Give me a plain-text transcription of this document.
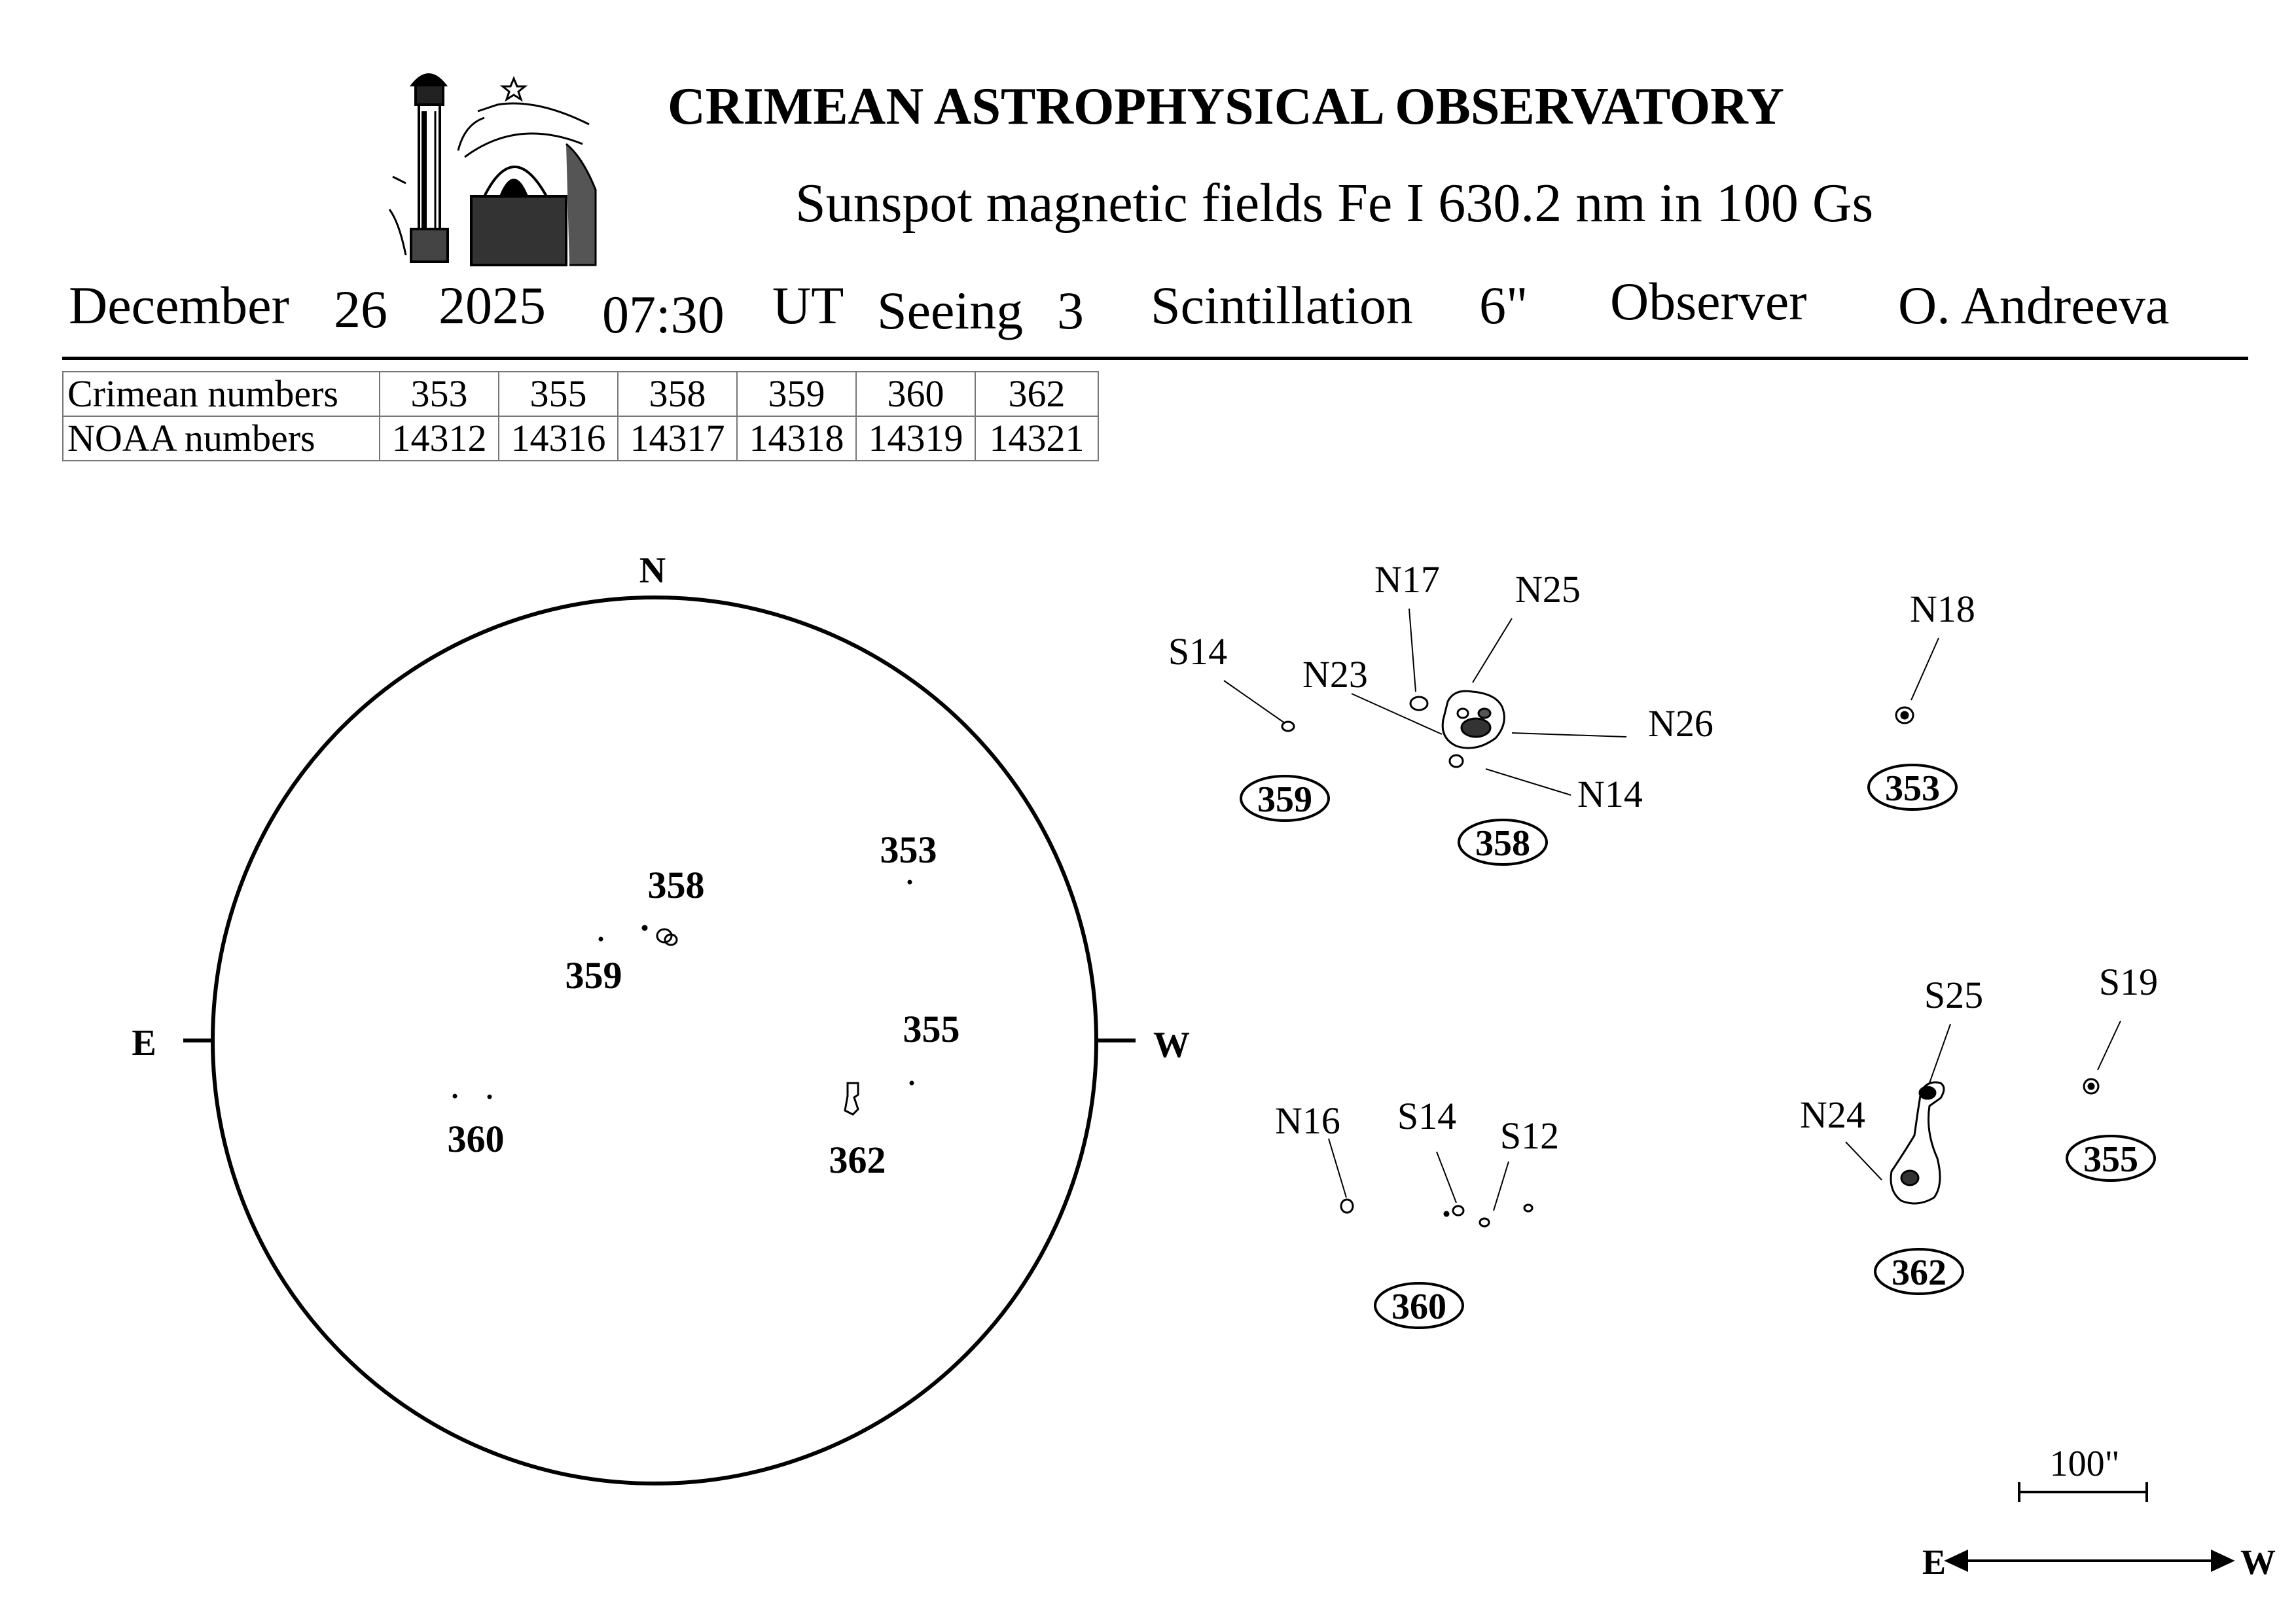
CRIMEAN ASTROPHYSICAL OBSERVATORY
Sunspot magnetic fields Fe I 630.2 nm in 100 Gs
December 26 2025 07:30 UT Seeing 3 Scintillation 6" Observer O. Andreeva
Crimean numbers	353	355	358	359	360	362
NOAA numbers	14312	14316	14317	14318	14319	14321
E	W
N
353
358
359
355
360	362
359
358
353
360
362
355
S14
N17 N25
N23
N26
N14
N18
N16 S14 S12
S25
N24
S19
100"
E	W
